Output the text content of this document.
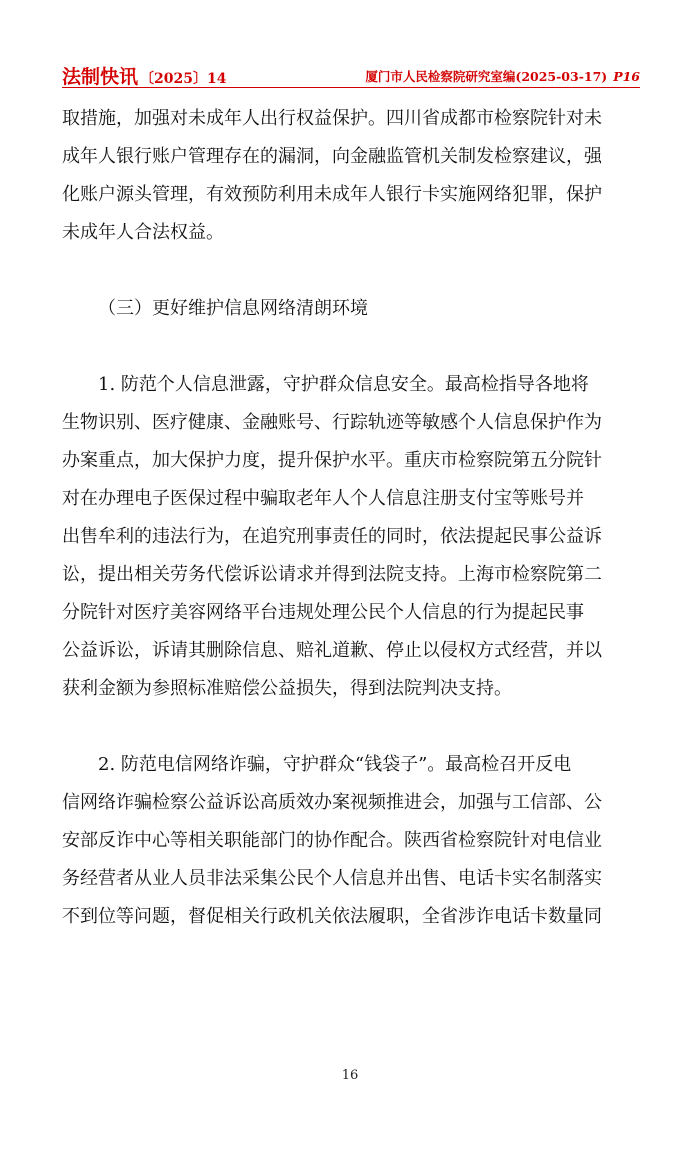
法制快讯 〔2025〕14	厦门市人民检察院研究室编(2025-03-17) P16
取措施，加强对未成年人出行权益保护。四川省成都市检察院针对未
成年人银行账户管理存在的漏洞，向金融监管机关制发检察建议，强
化账户源头管理，有效预防利用未成年人银行卡实施网络犯罪，保护
未成年人合法权益。
（三）更好维护信息网络清朗环境
1. 防范个人信息泄露，守护群众信息安全。最高检指导各地将
生物识别、医疗健康、金融账号、行踪轨迹等敏感个人信息保护作为
办案重点，加大保护力度，提升保护水平。重庆市检察院第五分院针
对在办理电子医保过程中骗取老年人个人信息注册支付宝等账号并
出售牟利的违法行为，在追究刑事责任的同时，依法提起民事公益诉
讼，提出相关劳务代偿诉讼请求并得到法院支持。上海市检察院第二
分院针对医疗美容网络平台违规处理公民个人信息的行为提起民事
公益诉讼，诉请其删除信息、赔礼道歉、停止以侵权方式经营，并以
获利金额为参照标准赔偿公益损失，得到法院判决支持。
2. 防范电信网络诈骗，守护群众“钱袋子”。最高检召开反电
信网络诈骗检察公益诉讼高质效办案视频推进会，加强与工信部、公
安部反诈中心等相关职能部门的协作配合。陕西省检察院针对电信业
务经营者从业人员非法采集公民个人信息并出售、电话卡实名制落实
不到位等问题，督促相关行政机关依法履职，全省涉诈电话卡数量同
16
